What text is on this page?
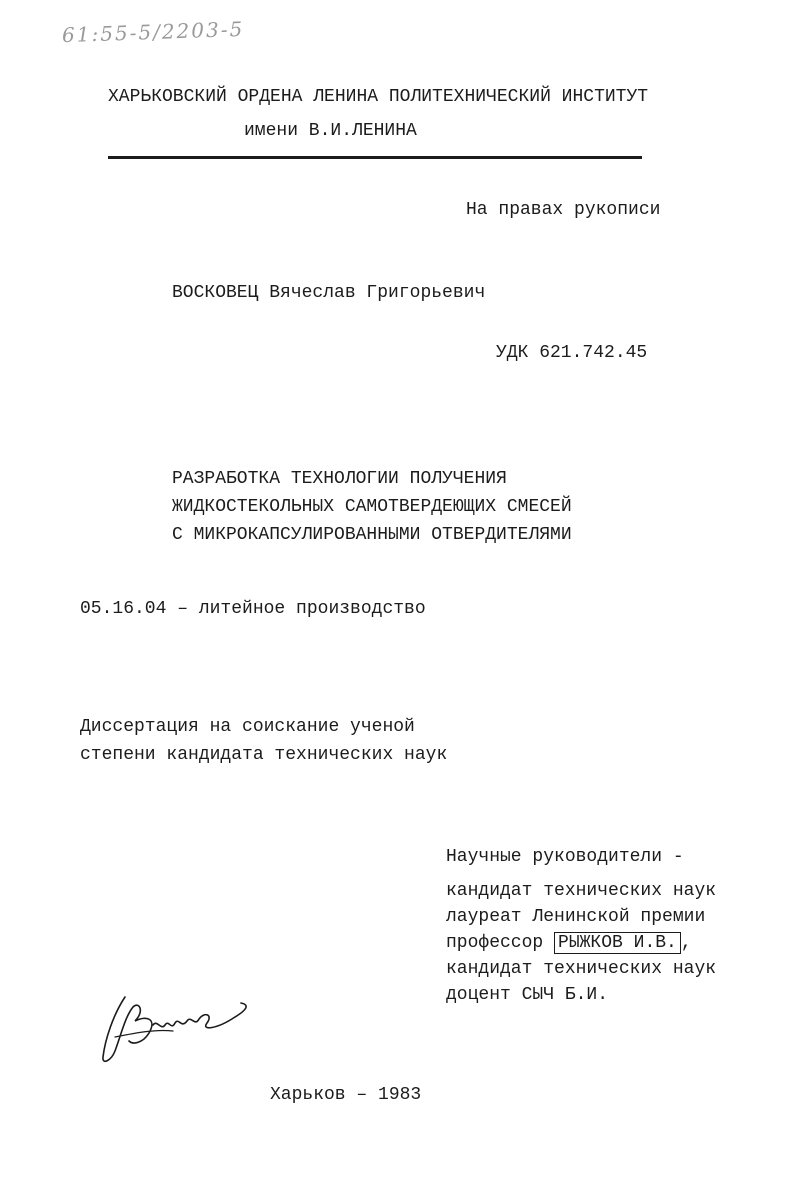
61:55-5/2203-5
ХАРЬКОВСКИЙ ОРДЕНА ЛЕНИНА ПОЛИТЕХНИЧЕСКИЙ ИНСТИТУТ
имени В.И.ЛЕНИНА
На правах рукописи
ВОСКОВЕЦ Вячеслав Григорьевич
УДК 621.742.45
РАЗРАБОТКА ТЕХНОЛОГИИ ПОЛУЧЕНИЯ
ЖИДКОСТЕКОЛЬНЫХ САМОТВЕРДЕЮЩИХ СМЕСЕЙ
С МИКРОКАПСУЛИРОВАННЫМИ ОТВЕРДИТЕЛЯМИ
05.16.04 – литейное производство
Диссертация на соискание ученой
степени кандидата технических наук
Научные руководители -
кандидат технических наук
лауреат Ленинской премии
профессор РЫЖКОВ И.В. ,
кандидат технических наук
доцент СЫЧ Б.И.
Харьков – 1983
